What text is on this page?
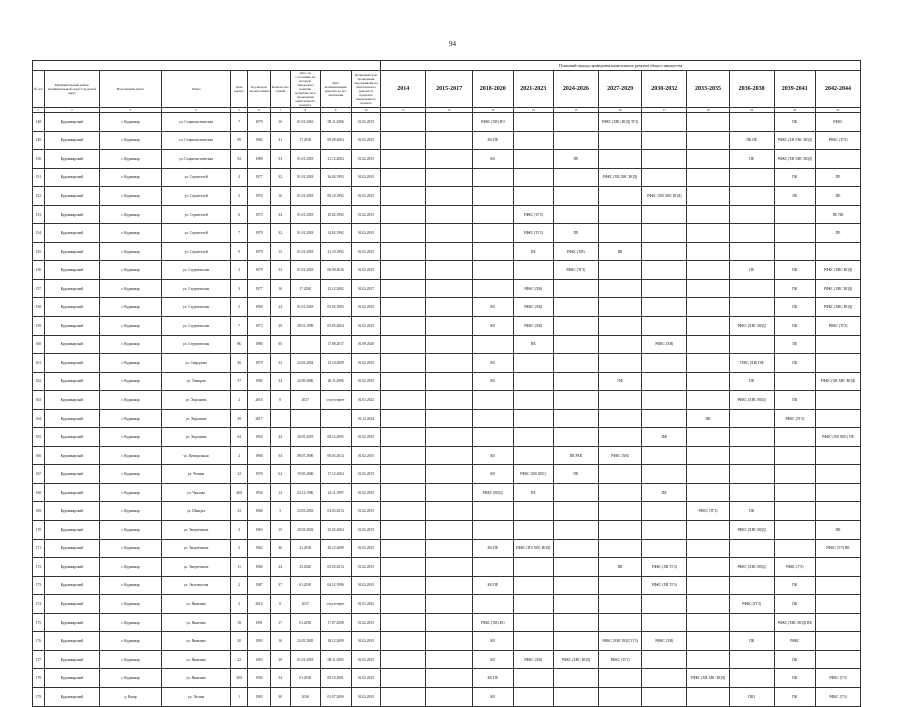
94
										Плановый период проведения капитального ремонта общего имущества										
№ п/п	Муниципальный район/муниципальный округ/городской округ	Населенный пункт	Улица	Дом/корпус	Год ввода в эксплуатацию	Количество этажей	Дата, по состоянию на которую определено наличие потребности в проведении капитального ремонта	Дата возникновения ремонта до его окончания	Плановый срок проведения мероприятия по обязательного ремонта в пределах накопленного проекта	2014	2015-2017	2018-2020	2021-2023	2024-2026	2027-2029	2030-2032	2033-2035	2036-2038	2039-2041	2042-2044
1	2	3	4	5	6	7	8	9	10	11	12	13	14	15	16	17	18	19	20	21
148	Кудымкарский	г. Кудымкар	ул. Социалистическая	7	1979	16	01.01.2016	09.11.2006	01.02.2015			РФКС (ХВ) НЭ			РФКС (ХВС ВОД) ТГЗ)				ПК	РФКС
149	Кудымкарский	г. Кудымкар	ул. Социалистическая	90	1982	41	17.2018	09.09.2004	01.02.2015			КО ПЕ						ПК ПЕ	РФКС (ХВ ХВС ВОД)	РФКС (ТГЗ)
150	Кудымкарский	г. Кудымкар	ул. Социалистическая	92	1989	53	01.01.2018	21.12.2004	01.02.2015			КО		ПЕ				ПЕ	РФКС (ХВ ХВС ВОД)	
151	Кудымкарский	г. Кудымкар	ул. Строителей	4	1977	32	01.01.2018	26.04.1993	01.02.2015						РФКС (ХВ ХВС ВОД)				ПК	ПЕ
152	Кудымкарский	г. Кудымкар	ул. Строителей	5	1976	16	01.01.2018	08.10.1992	01.02.2015							РФКС (ХВ ХВС ВОД)			ПЕ	ПЕ
153	Кудымкарский	г. Кудымкар	ул. Строителей	6	1975	34	01.01.2018	10.02.1992	01.02.2015				РФКС (ТГЗ)							ПЕ ПК
154	Кудымкарский	г. Кудымкар	ул. Строителей	7	1979	32	01.01.2018	14.02.1992	01.02.2015				РФКС (ТГЗ)	ПЕ						ПЕ
155	Кудымкарский	г. Кудымкар	ул. Строителей	9	1979	15	01.01.2018	21.10.1992	01.02.2015				ПЕ	РФКС (ХВ)	ПК					
156	Кудымкарский	г. Кудымкар	ул. Студенческая	2	1979	32	01.01.2018	06.09.2016	01.02.2015					РФКС (ТГЗ)				ПЕ	ПК	РФКС (ХВС ВОД)
157	Кудымкарский	г. Кудымкар	ул. Студенческая	3	1977	16	17.2020	23.12.2002	01.02.2017				РФКС (ХВ)						ПК	РФКС (ХВС ВОД)
158	Кудымкарский	г. Кудымкар	ул. Студенческая	5	1969	24	01.01.2018	05.02.1993	01.02.2015			КО	РФКС (ХВ)						ПК	РФКС (ХВС ВОД)
159	Кудымкарский	г. Кудымкар	ул. Студенческая	7	1973	29	28.01.1998	05.03.2004	01.02.2015			КО	РФКС (ХВ)					РФКС (ХВС ВОД)	ПК	РФКС (ТГЗ)
160	Кудымкарский	г. Кудымкар	ул. Студенческая	9Б	1980	65		17.08.2017	01.09.2020				ПК			РФКС (ХВ)			ПЕ	
161	Кудымкарский	г. Кудымкар	ул. Свердлова	36	1979	32	23.03.2004	13.10.2009	01.02.2015			КО						ТЕВС (ХВ) ПФ	ПК	
162	Кудымкарский	г. Кудымкар	ул. Тимиров	37	1982	34	22.09.2006	20.11.2006	01.02.2015			КО			ПФ			ПК		РФКС (ХВ ХВС ВОД)
163	Кудымкарский	г. Кудымкар	ул. Хорошева	2	2016	0	2017	отсутствует	01.01.2022									РФКС (ХВС ВОД)	ПК	
164	Кудымкарский	г. Кудымкар	ул. Хорошева	49	2017				01.12.2024								ПК		РФКС (ТГЗ)	
165	Кудымкарский	г. Кудымкар	ул. Хорошева	64	1954	42	20.05.2019	08.12.2005	01.02.2015							ПФ				РФКС (ХВ ХВС) ПЕ
166	Кудымкарский	г. Кудымкар	ул. Центральная	2	1968	54	08.07.2006	06.03.2014	01.02.2015			КО		ПК РЕК	РФКС (ХВ)					
167	Кудымкарский	г. Кудымкар	ул. Чечина	32	1976	62	19.05.2006	17.12.2004	01.02.2015			КО	РФКС (ХВ ХВС)	ПК						
168	Кудымкарский	г. Кудымкар	ул. Чкалова	40А	1956	12	23.12.1996	24.11.1997	01.02.2015			РФКС (ВОД)	ПЕ			ПК				
169	Кудымкарский	г. Кудымкар	ул. Шмидта	32	1966	5	23.03.2003	04.03.2014	01.02.2015								РФКС (ТГЗ)	ПК		
170	Кудымкарский	г. Кудымкар	ул. Энергетиков	3	1963	15	20.03.2002	25.02.2004	01.02.2015									РФКС (ХВС ВОД)		ПК
171	Кудымкарский	г. Кудымкар	ул. Энергетиков	5	1962	46	21.2018	20.12.2009	01.02.2015			КО ПЕ	РФКС (ПЛ ХВС ВОД)							РФКС (ТЭ) ПК
172	Кудымкарский	г. Кудымкар	ул. Энергетиков	11	1984	24	25.2020	05.03.2014	01.02.2015						ПК	РФКС (ХВ ТГЗ)		РФКС (ХВС ВОД)	РФКС (ТЭ)	
173	Кудымкарский	г. Кудымкар	ул. Энтузиастов	2	1987	37	01.2018	04.12.1996	01.02.2015			КО ПЕ				РФКС (ХВ ТГЗ)			ПК	
174	Кудымкарский	г. Кудымкар	ул. Яковлева	3	2016	0	2017	отсутствует	01.01.2022									РФКС (ТГЗ)	ПК	
175	Кудымкарский	г. Кудымкар	ул. Яковлева	18	1991	17	01.2018	17.07.2008	01.02.2015			РФКС (ХВ) КО							РФКС (ХВС ВОД) ПК	
176	Кудымкарский	г. Кудымкар	ул. Яковлева	20	1993	16	22.05.2005	18.12.2009	01.02.2015			КО			РФКС (ХВС ВОД ТГЗ)	РФКС (ХВ)		ПК	РФКС	
177	Кудымкарский	г. Кудымкар	ул. Яковлева	22	1965	39	01.01.2018	08.11.2005	01.02.2015			КО	РФКС (ХВ)	РФКС (ХВС ВОД)	РФКС (ТГЗ)				ПК	
178	Кудымкарский	г. Кудымкар	ул. Яковлева	30А	1994	34	01.2018	09.10.2001	01.02.2015			КО ПЕ					РФКС (ХВ ХВС ВОД)		ПК	РФКС (ТЭ)
179	Кудымкарский	д. Казар	ул. Лесная	1	1983	30	2016	01.07.2000	01.02.2015			КО						ПКЗ	ПК	РФКС (ТЭ)
